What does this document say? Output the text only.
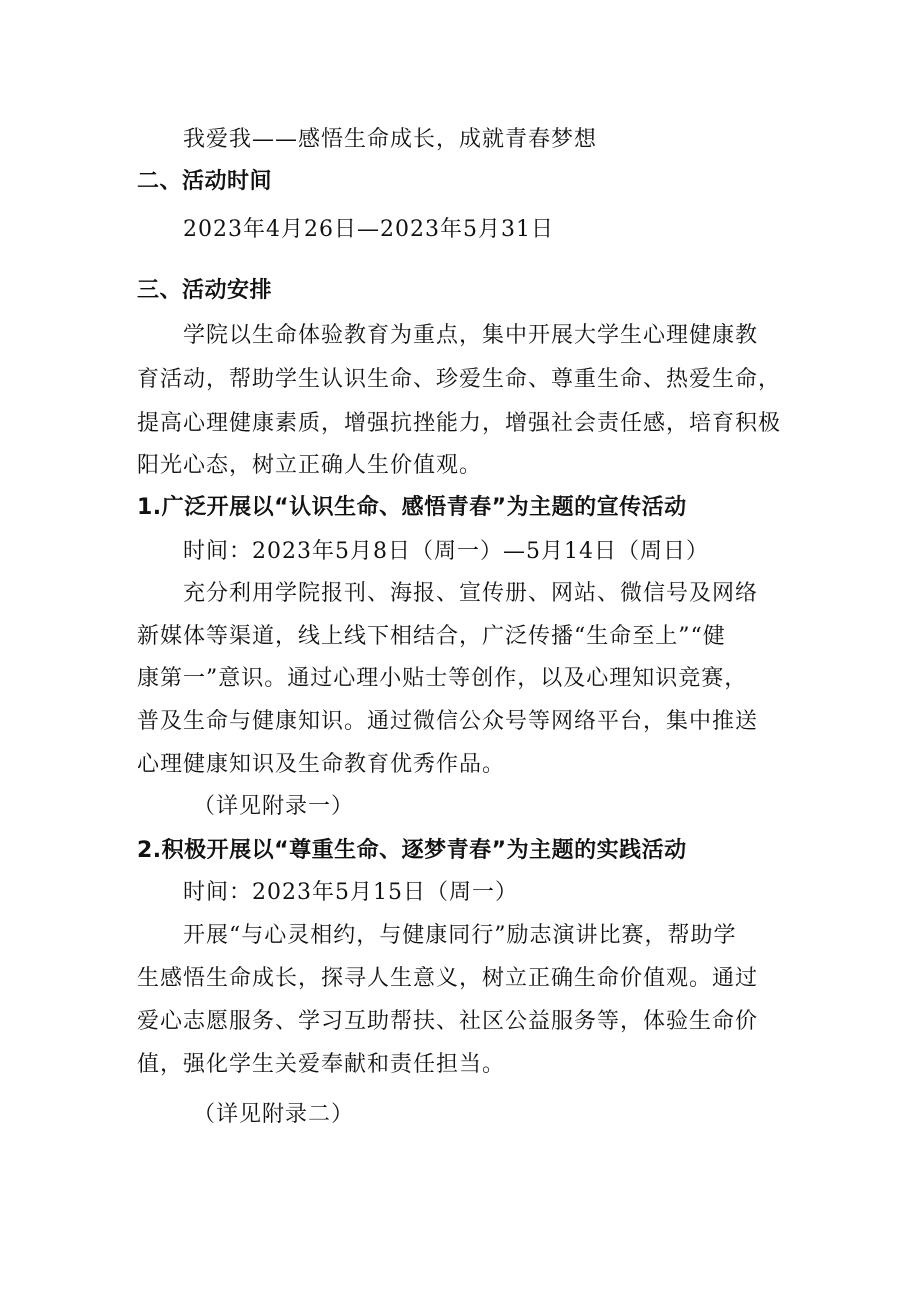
我爱我——感悟生命成长，成就青春梦想
二、活动时间
2023年4月26日—2023年5月31日
三、活动安排
学院以生命体验教育为重点，集中开展大学生心理健康教
育活动，帮助学生认识生命、珍爱生命、尊重生命、热爱生命，
提高心理健康素质，增强抗挫能力，增强社会责任感，培育积极
阳光心态，树立正确人生价值观。
1.广泛开展以“认识生命、感悟青春”为主题的宣传活动
时间：2023年5月8日（周一）—5月14日（周日）
充分利用学院报刊、海报、宣传册、网站、微信号及网络
新媒体等渠道，线上线下相结合，广泛传播“生命至上”“健
康第一”意识。通过心理小贴士等创作，以及心理知识竞赛，
普及生命与健康知识。通过微信公众号等网络平台，集中推送
心理健康知识及生命教育优秀作品。
（详见附录一）
2.积极开展以“尊重生命、逐梦青春”为主题的实践活动
时间：2023年5月15日（周一）
开展“与心灵相约，与健康同行”励志演讲比赛，帮助学
生感悟生命成长，探寻人生意义，树立正确生命价值观。通过
爱心志愿服务、学习互助帮扶、社区公益服务等，体验生命价
值，强化学生关爱奉献和责任担当。
（详见附录二）
